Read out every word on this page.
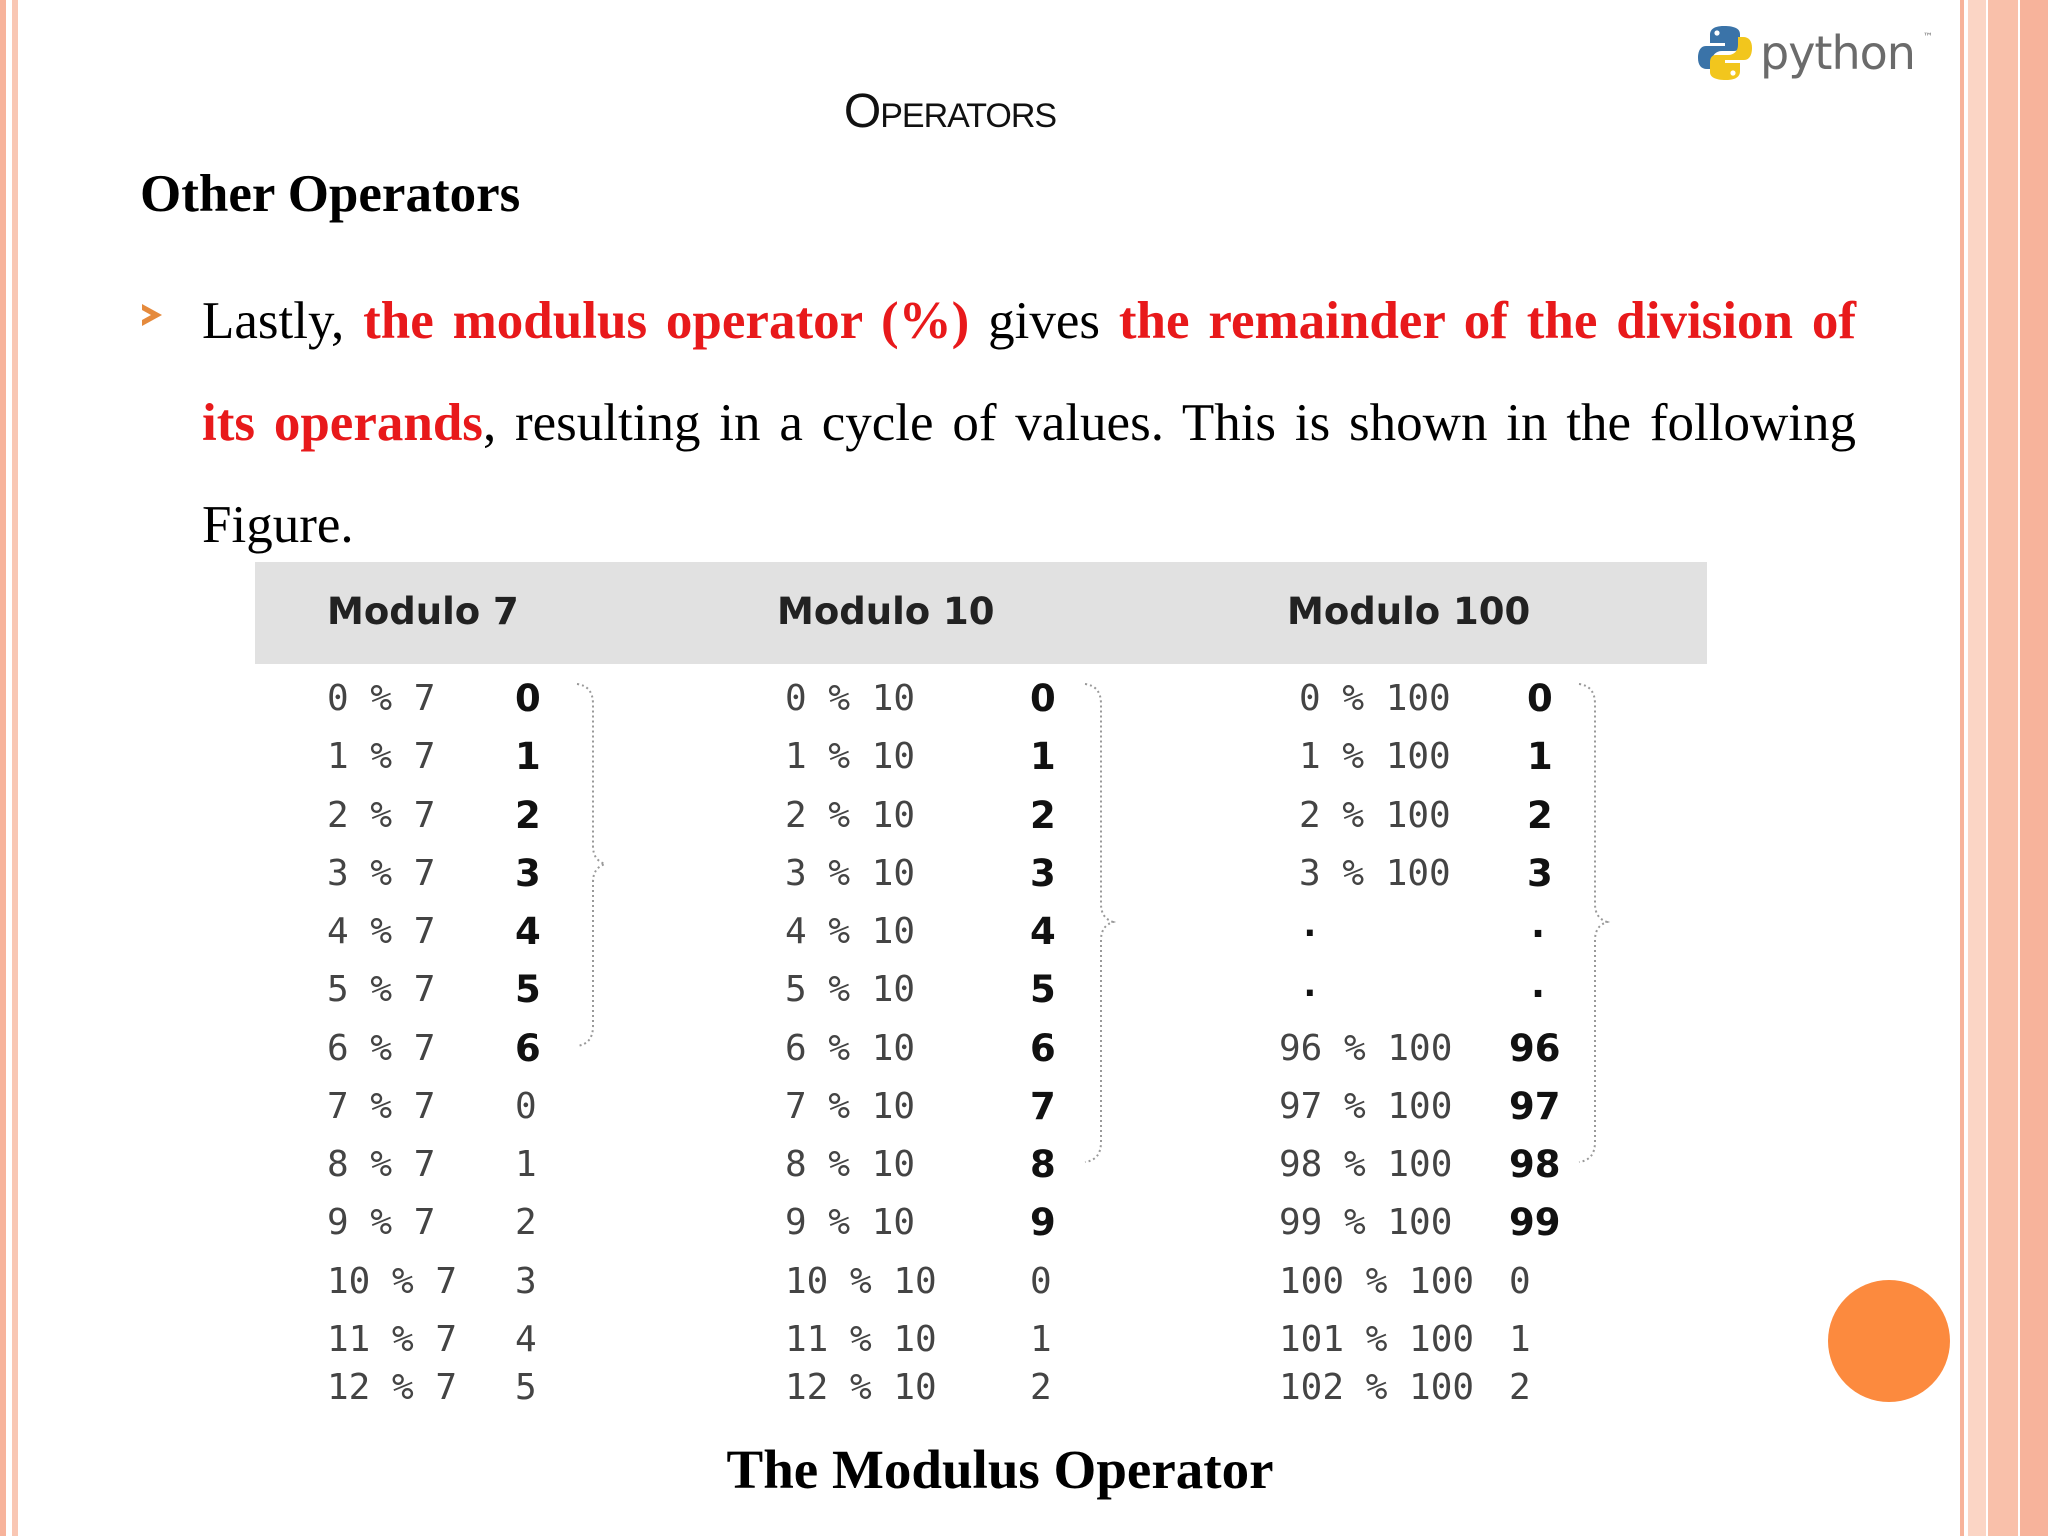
python ™
Operators
Other Operators
Lastly, the modulus operator (%) gives the remainder of the division of its operands, resulting in a cycle of values. This is shown in the following Figure.
Modulo 7	Modulo 10	Modulo 100
0 % 7
1 % 7
2 % 7
3 % 7
4 % 7
5 % 7
6 % 7
7 % 7
8 % 7
9 % 7
10 % 7
11 % 7
12 % 7
0
1
2
3
4
5
6
0
1
2
3
4
5
0 % 10
1 % 10
2 % 10
3 % 10
4 % 10
5 % 10
6 % 10
7 % 10
8 % 10
9 % 10
10 % 10
11 % 10
12 % 10
0
1
2
3
4
5
6
7
8
9
0
1
2
0 % 100
1 % 100
2 % 100
3 % 100
.
.
96 % 100
97 % 100
98 % 100
99 % 100
100 % 100
101 % 100
102 % 100
0
1
2
3
.
.
96
97
98
99
0
1
2
The Modulus Operator
